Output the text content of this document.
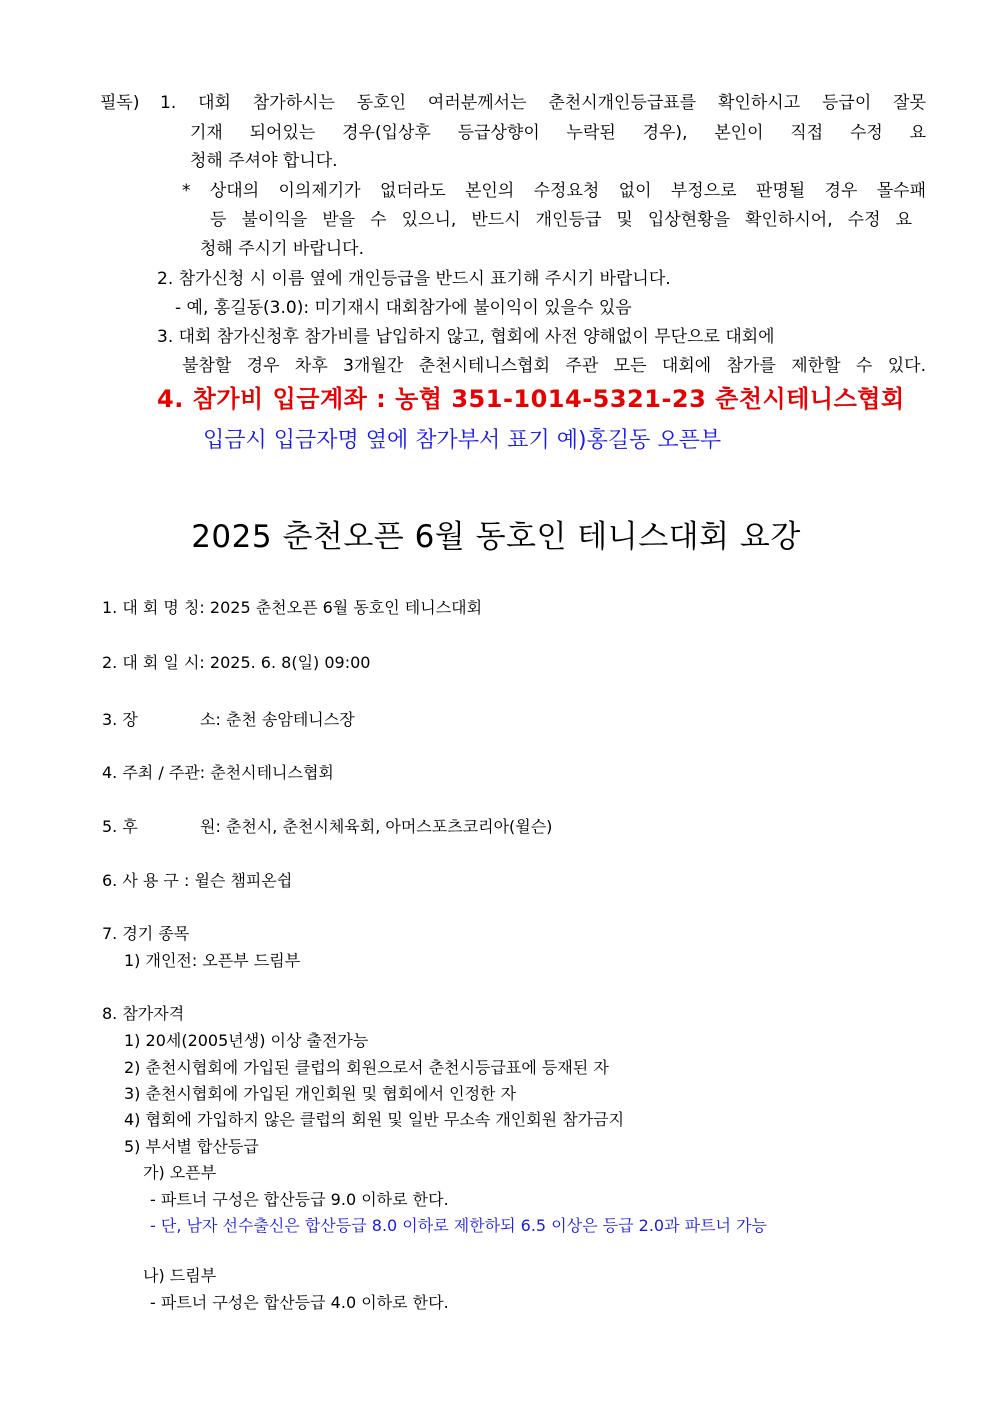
필독) 1. 대회 참가하시는 동호인 여러분께서는 춘천시개인등급표를 확인하시고 등급이 잘못
기재 되어있는 경우(입상후 등급상향이 누락된 경우), 본인이 직접 수정 요
청해 주셔야 합니다.
* 상대의 이의제기가 없더라도 본인의 수정요청 없이 부정으로 판명될 경우 몰수패
등 불이익을 받을 수 있으니, 반드시 개인등급 및 입상현황을 확인하시어, 수정 요
청해 주시기 바랍니다.
2. 참가신청 시 이름 옆에 개인등급을 반드시 표기해 주시기 바랍니다.
- 예, 홍길동(3.0): 미기재시 대회참가에 불이익이 있을수 있음
3. 대회 참가신청후 참가비를 납입하지 않고, 협회에 사전 양해없이 무단으로 대회에
불참할 경우 차후 3개월간 춘천시테니스협회 주관 모든 대회에 참가를 제한할 수 있다.
4. 참가비 입금계좌 : 농협 351-1014-5321-23 춘천시테니스협회
입금시 입금자명 옆에 참가부서 표기 예)홍길동 오픈부
2025 춘천오픈 6월 동호인 테니스대회 요강
1. 대 회 명 칭: 2025 춘천오픈 6월 동호인 테니스대회
2. 대 회 일 시: 2025. 6. 8(일) 09:00
3. 장	소: 춘천 송암테니스장
4. 주최 / 주관: 춘천시테니스협회
5. 후	원: 춘천시, 춘천시체육회, 아머스포츠코리아(윌슨)
6. 사 용 구 : 윌슨 챔피온쉽
7. 경기 종목
1) 개인전: 오픈부 드림부
8. 참가자격
1) 20세(2005년생) 이상 출전가능
2) 춘천시협회에 가입된 클럽의 회원으로서 춘천시등급표에 등재된 자
3) 춘천시협회에 가입된 개인회원 및 협회에서 인정한 자
4) 협회에 가입하지 않은 클럽의 회원 및 일반 무소속 개인회원 참가금지
5) 부서별 합산등급
가) 오픈부
- 파트너 구성은 합산등급 9.0 이하로 한다.
- 단, 남자 선수출신은 합산등급 8.0 이하로 제한하되 6.5 이상은 등급 2.0과 파트너 가능
나) 드림부
- 파트너 구성은 합산등급 4.0 이하로 한다.
